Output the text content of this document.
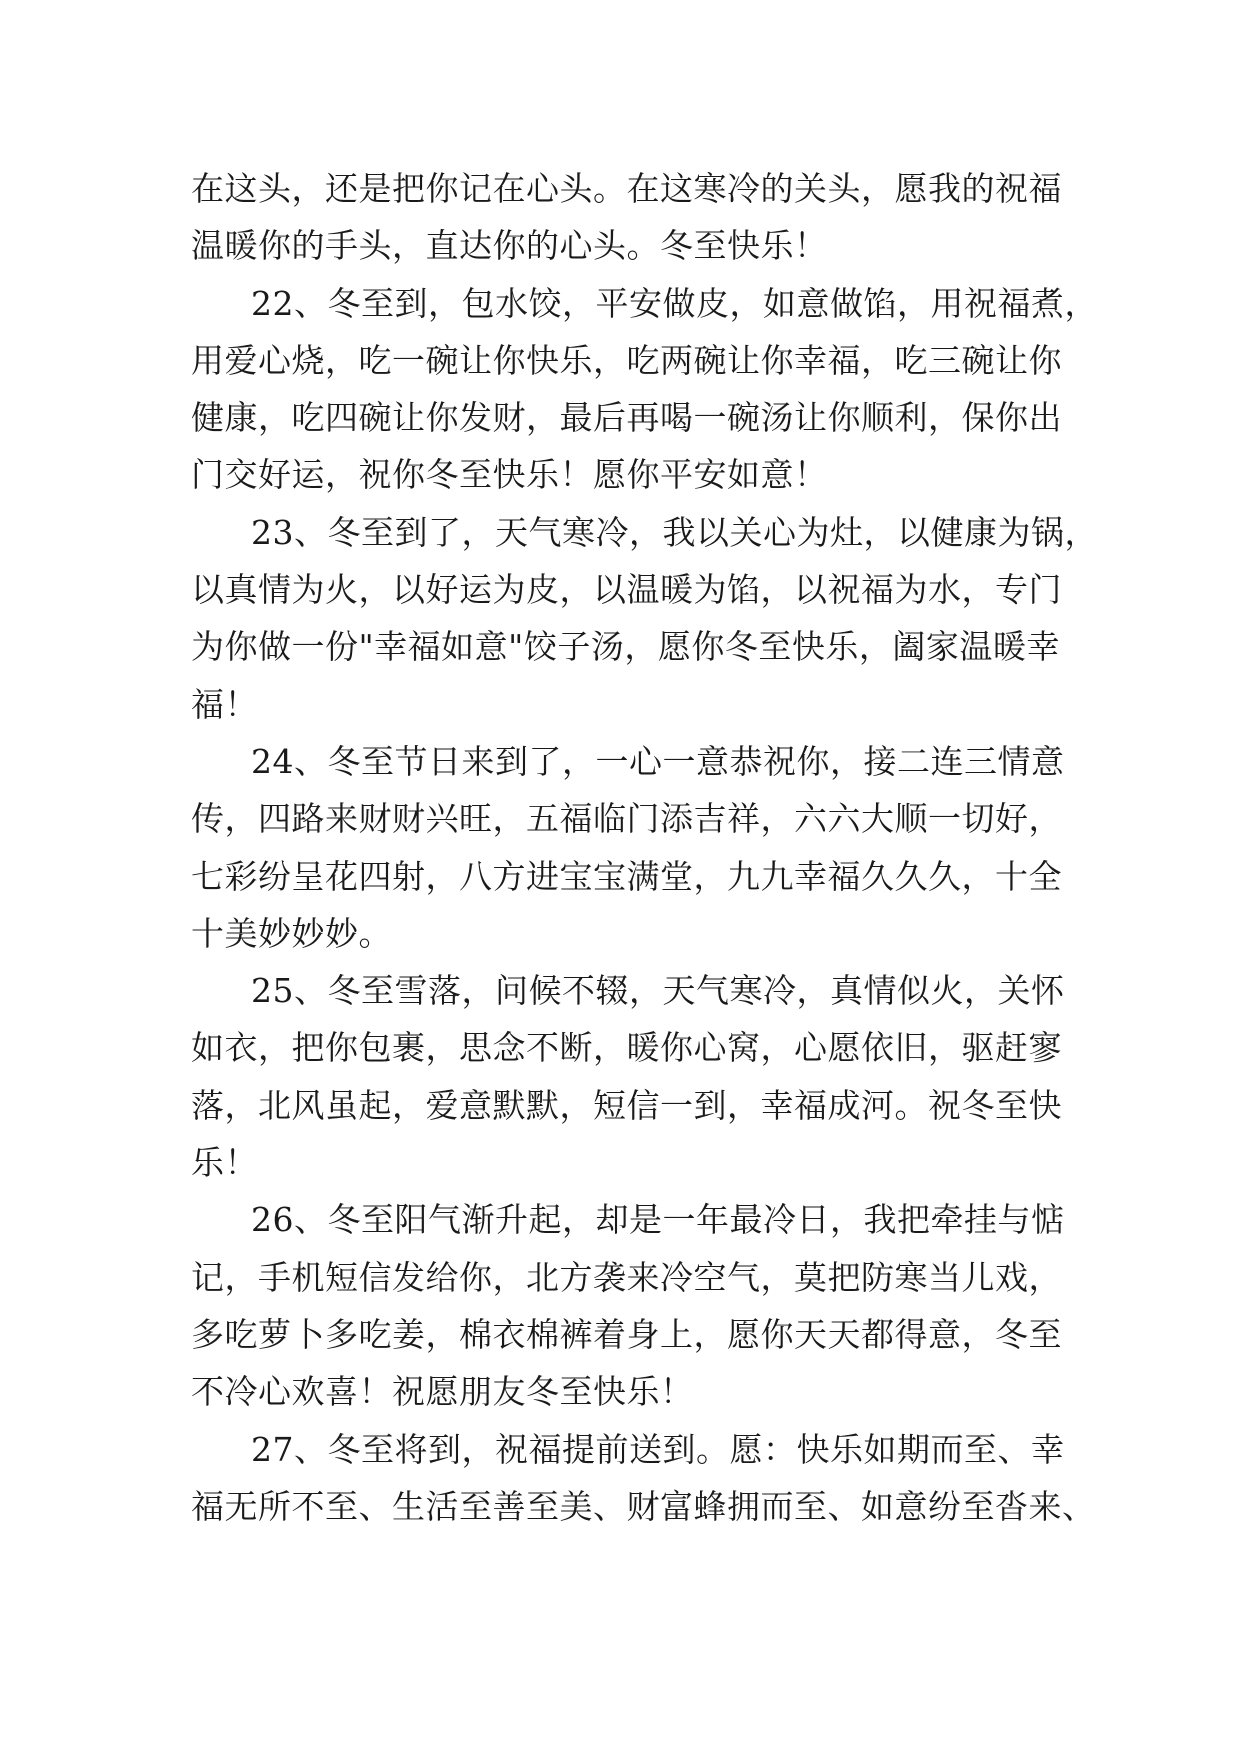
在这头，还是把你记在心头。在这寒冷的关头，愿我的祝福
温暖你的手头，直达你的心头。冬至快乐！
22、冬至到，包水饺，平安做皮，如意做馅，用祝福煮，
用爱心烧，吃一碗让你快乐，吃两碗让你幸福，吃三碗让你
健康，吃四碗让你发财，最后再喝一碗汤让你顺利，保你出
门交好运，祝你冬至快乐！愿你平安如意！
23、冬至到了，天气寒冷，我以关心为灶，以健康为锅，
以真情为火，以好运为皮，以温暖为馅，以祝福为水，专门
为你做一份"幸福如意"饺子汤，愿你冬至快乐，阖家温暖幸
福！
24、冬至节日来到了，一心一意恭祝你，接二连三情意
传，四路来财财兴旺，五福临门添吉祥，六六大顺一切好，
七彩纷呈花四射，八方进宝宝满堂，九九幸福久久久，十全
十美妙妙妙。
25、冬至雪落，问候不辍，天气寒冷，真情似火，关怀
如衣，把你包裹，思念不断，暖你心窝，心愿依旧，驱赶寥
落，北风虽起，爱意默默，短信一到，幸福成河。祝冬至快
乐！
26、冬至阳气渐升起，却是一年最冷日，我把牵挂与惦
记，手机短信发给你，北方袭来冷空气，莫把防寒当儿戏，
多吃萝卜多吃姜，棉衣棉裤着身上，愿你天天都得意，冬至
不冷心欢喜！祝愿朋友冬至快乐！
27、冬至将到，祝福提前送到。愿：快乐如期而至、幸
福无所不至、生活至善至美、财富蜂拥而至、如意纷至沓来、
